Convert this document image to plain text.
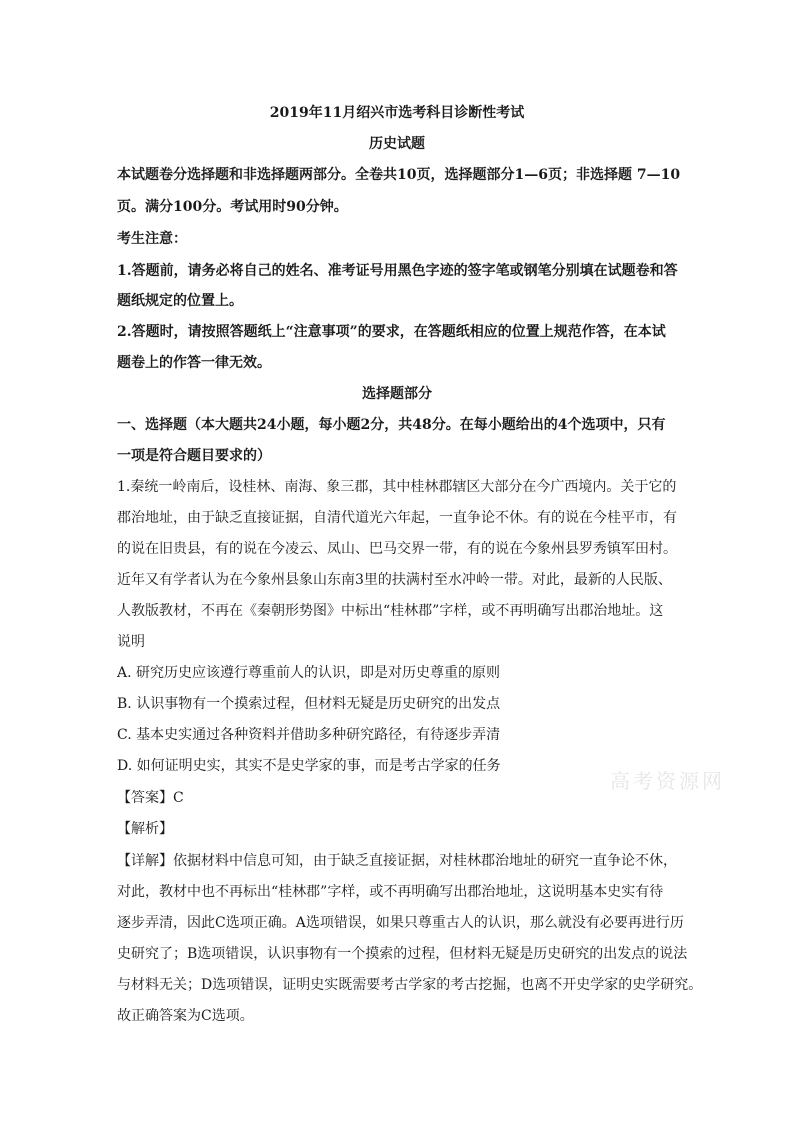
2019年11月绍兴市选考科目诊断性考试
历史试题
本试题卷分选择题和非选择题两部分。全卷共10页，选择题部分1—6页；非选择题 7—10
页。满分100分。考试用时90分钟。
考生注意：
1.答题前，请务必将自己的姓名、准考证号用黑色字迹的签字笔或钢笔分别填在试题卷和答
题纸规定的位置上。
2.答题时，请按照答题纸上“注意事项”的要求，在答题纸相应的位置上规范作答，在本试
题卷上的作答一律无效。
选择题部分
一、选择题（本大题共24小题，每小题2分，共48分。在每小题给出的4个选项中，只有
一项是符合题目要求的）
1.秦统一岭南后，设桂林、南海、象三郡，其中桂林郡辖区大部分在今广西境内。关于它的
郡治地址，由于缺乏直接证据，自清代道光六年起，一直争论不休。有的说在今桂平市，有
的说在旧贵县，有的说在今凌云、凤山、巴马交界一带，有的说在今象州县罗秀镇军田村。
近年又有学者认为在今象州县象山东南3里的扶满村至水冲岭一带。对此，最新的人民版、
人教版教材，不再在《秦朝形势图》中标出“桂林郡”字样，或不再明确写出郡治地址。这
说明
A. 研究历史应该遵行尊重前人的认识，即是对历史尊重的原则
B. 认识事物有一个摸索过程，但材料无疑是历史研究的出发点
C. 基本史实通过各种资料并借助多种研究路径，有待逐步弄清
D. 如何证明史实，其实不是史学家的事，而是考古学家的任务
高考资源网
【答案】C
【解析】
【详解】依据材料中信息可知，由于缺乏直接证据，对桂林郡治地址的研究一直争论不休，
对此，教材中也不再标出“桂林郡”字样，或不再明确写出郡治地址，这说明基本史实有待
逐步弄清，因此C选项正确。A选项错误，如果只尊重古人的认识，那么就没有必要再进行历
史研究了；B选项错误，认识事物有一个摸索的过程，但材料无疑是历史研究的出发点的说法
与材料无关；D选项错误，证明史实既需要考古学家的考古挖掘，也离不开史学家的史学研究。
故正确答案为C选项。
